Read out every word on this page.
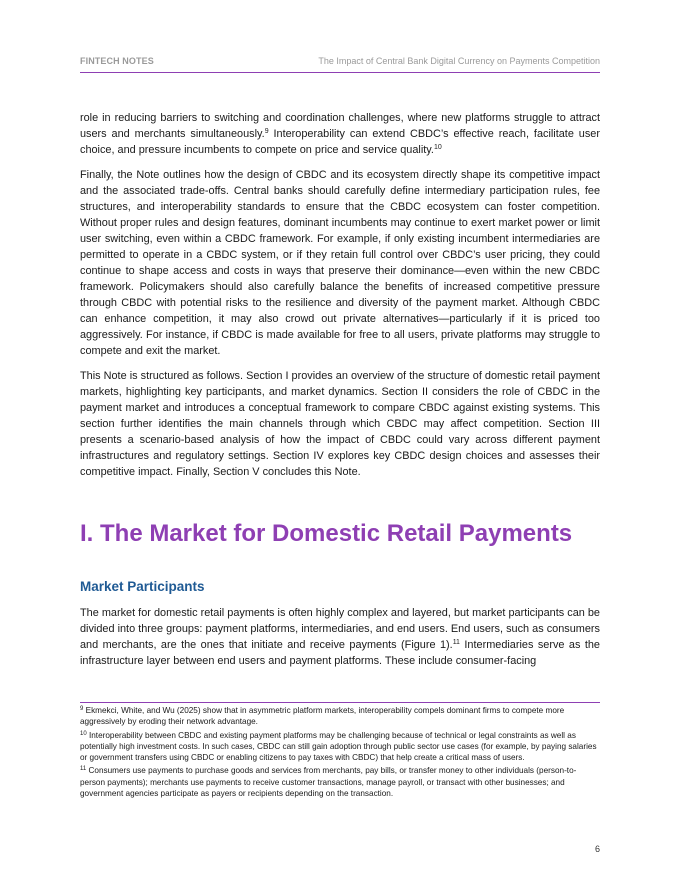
FINTECH NOTES	The Impact of Central Bank Digital Currency on Payments Competition

role in reducing barriers to switching and coordination challenges, where new platforms struggle to attract users and merchants simultaneously.$^9$ Interoperability can extend CBDC’s effective reach, facilitate user choice, and pressure incumbents to compete on price and service quality.$^{10}$

Finally, the Note outlines how the design of CBDC and its ecosystem directly shape its competitive impact and the associated trade-offs. Central banks should carefully define intermediary participation rules, fee structures, and interoperability standards to ensure that the CBDC ecosystem can foster competition. Without proper rules and design features, dominant incumbents may continue to exert market power or limit user switching, even within a CBDC framework. For example, if only existing incumbent intermediaries are permitted to operate in a CBDC system, or if they retain full control over CBDC’s user pricing, they could continue to shape access and costs in ways that preserve their dominance—even within the new CBDC framework. Policymakers should also carefully balance the benefits of increased competitive pressure through CBDC with potential risks to the resilience and diversity of the payment market. Although CBDC can enhance competition, it may also crowd out private alternatives—particularly if it is priced too aggressively. For instance, if CBDC is made available for free to all users, private platforms may struggle to compete and exit the market.

This Note is structured as follows. Section I provides an overview of the structure of domestic retail payment markets, highlighting key participants, and market dynamics. Section II considers the role of CBDC in the payment market and introduces a conceptual framework to compare CBDC against existing systems. This section further identifies the main channels through which CBDC may affect competition. Section III presents a scenario-based analysis of how the impact of CBDC could vary across different payment infrastructures and regulatory settings. Section IV explores key CBDC design choices and assesses their competitive impact. Finally, Section V concludes this Note.

I. The Market for Domestic Retail Payments
Market Participants

The market for domestic retail payments is often highly complex and layered, but market participants can be divided into three groups: payment platforms, intermediaries, and end users. End users, such as consumers and merchants, are the ones that initiate and receive payments (Figure 1).$^{11}$ Intermediaries serve as the infrastructure layer between end users and payment platforms. These include consumer-facing

$^9$ Ekmekci, White, and Wu (2025) show that in asymmetric platform markets, interoperability compels dominant firms to compete more aggressively by eroding their network advantage.
$^{10}$ Interoperability between CBDC and existing payment platforms may be challenging because of technical or legal constraints as well as potentially high investment costs. In such cases, CBDC can still gain adoption through public sector use cases (for example, by paying salaries or government transfers using CBDC or enabling citizens to pay taxes with CBDC) that help create a critical mass of users.
$^{11}$ Consumers use payments to purchase goods and services from merchants, pay bills, or transfer money to other individuals (person-to-person payments); merchants use payments to receive customer transactions, manage payroll, or transact with other businesses; and government agencies participate as payers or recipients depending on the transaction.
6
